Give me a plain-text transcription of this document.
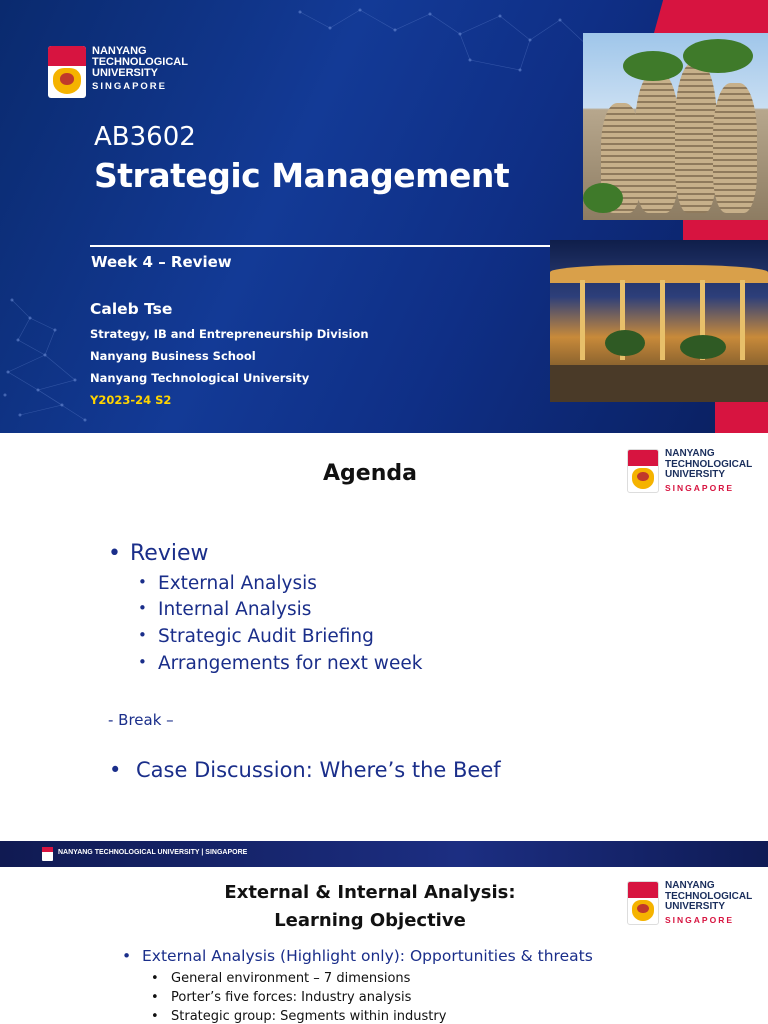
NANYANG
TECHNOLOGICAL
UNIVERSITY
SINGAPORE
AB3602
Strategic Management
Week 4 – Review
Caleb Tse
Strategy, IB and Entrepreneurship Division
Nanyang Business School
Nanyang Technological University
Y2023-24 S2
Agenda
NANYANG
TECHNOLOGICAL
UNIVERSITY
SINGAPORE
• Review
• External Analysis
• Internal Analysis
• Strategic Audit Briefing
• Arrangements for next week
- Break –
• Case Discussion: Where’s the Beef
NANYANG TECHNOLOGICAL UNIVERSITY | SINGAPORE
External & Internal Analysis:
Learning Objective
NANYANG
TECHNOLOGICAL
UNIVERSITY
SINGAPORE
• External Analysis (Highlight only): Opportunities & threats
• General environment – 7 dimensions
• Porter’s five forces: Industry analysis
• Strategic group: Segments within industry
